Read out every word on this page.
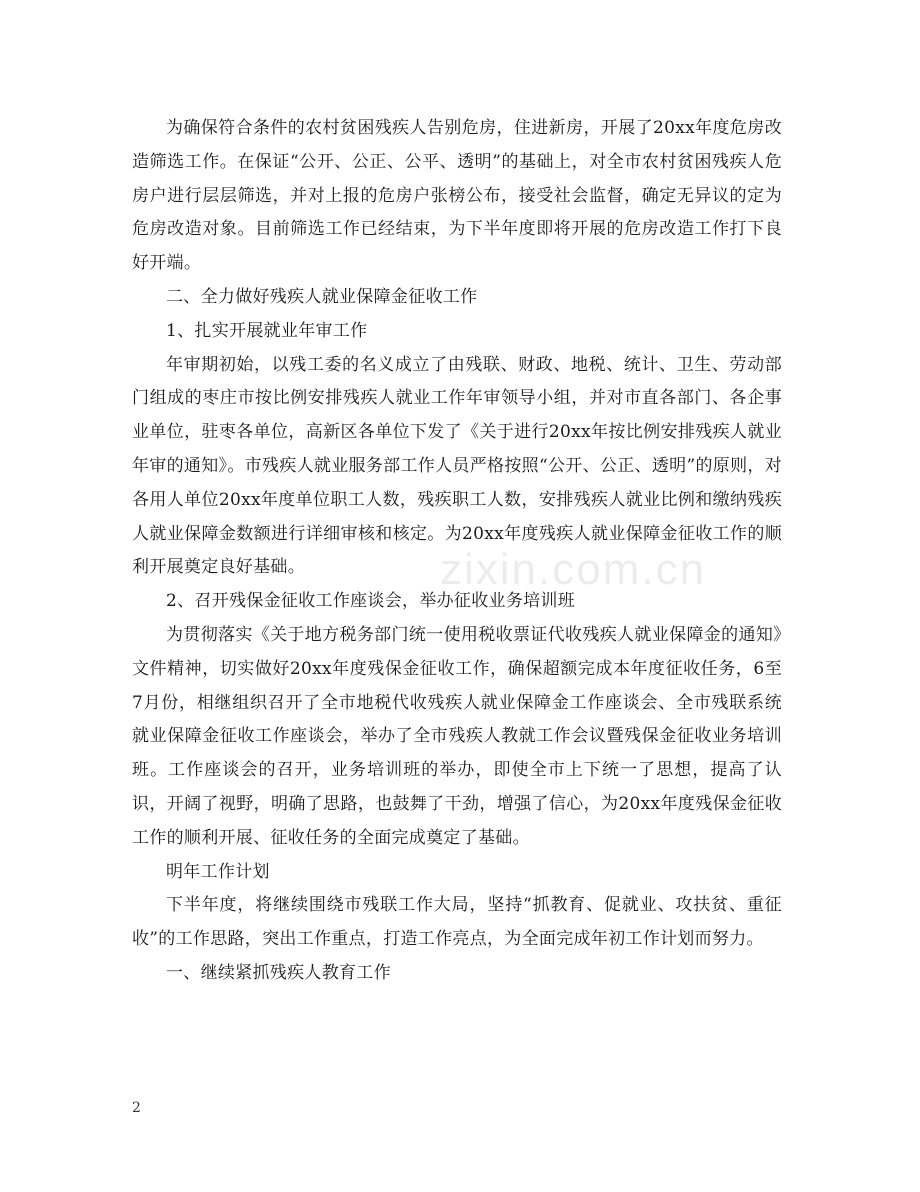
为确保符合条件的农村贫困残疾人告别危房，住进新房，开展了20xx年度危房改造筛选工作。在保证“公开、公正、公平、透明”的基础上，对全市农村贫困残疾人危房户进行层层筛选，并对上报的危房户张榜公布，接受社会监督，确定无异议的定为危房改造对象。目前筛选工作已经结束，为下半年度即将开展的危房改造工作打下良好开端。

二、全力做好残疾人就业保障金征收工作

1、扎实开展就业年审工作

年审期初始，以残工委的名义成立了由残联、财政、地税、统计、卫生、劳动部门组成的枣庄市按比例安排残疾人就业工作年审领导小组，并对市直各部门、各企事业单位，驻枣各单位，高新区各单位下发了《关于进行20xx年按比例安排残疾人就业年审的通知》。市残疾人就业服务部工作人员严格按照“公开、公正、透明”的原则，对各用人单位20xx年度单位职工人数，残疾职工人数，安排残疾人就业比例和缴纳残疾人就业保障金数额进行详细审核和核定。为20xx年度残疾人就业保障金征收工作的顺利开展奠定良好基础。

2、召开残保金征收工作座谈会，举办征收业务培训班

为贯彻落实《关于地方税务部门统一使用税收票证代收残疾人就业保障金的通知》文件精神，切实做好20xx年度残保金征收工作，确保超额完成本年度征收任务，6至7月份，相继组织召开了全市地税代收残疾人就业保障金工作座谈会、全市残联系统就业保障金征收工作座谈会，举办了全市残疾人教就工作会议暨残保金征收业务培训班。工作座谈会的召开，业务培训班的举办，即使全市上下统一了思想，提高了认识，开阔了视野，明确了思路，也鼓舞了干劲，增强了信心，为20xx年度残保金征收工作的顺利开展、征收任务的全面完成奠定了基础。

明年工作计划

下半年度，将继续围绕市残联工作大局，坚持“抓教育、促就业、攻扶贫、重征收”的工作思路，突出工作重点，打造工作亮点，为全面完成年初工作计划而努力。

一、继续紧抓残疾人教育工作

zixin.com.cn
2
